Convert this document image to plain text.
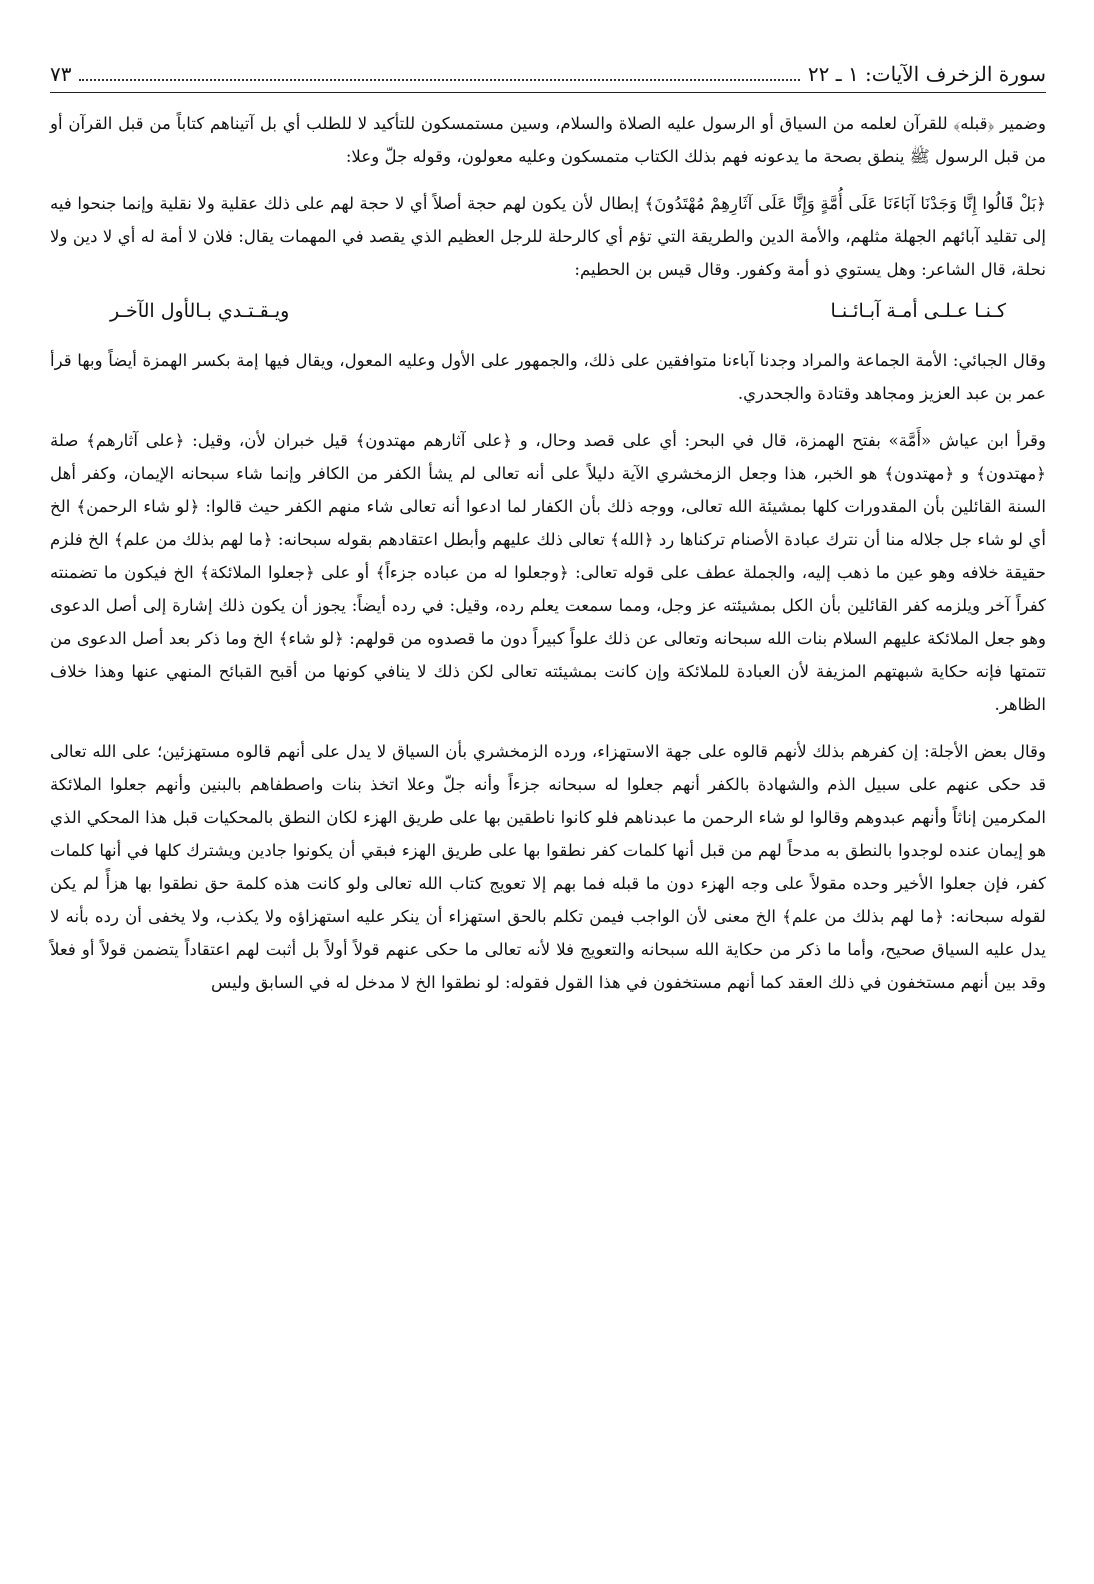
سورة الزخرف الآيات: ١ ـ ٢٢
٧٣

وضمير ﴿قبله﴾ للقرآن لعلمه من السياق أو الرسول عليه الصلاة والسلام، وسين مستمسكون للتأكيد لا للطلب أي بل آتيناهم كتاباً من قبل القرآن أو من قبل الرسول ﷺ ينطق بصحة ما يدعونه فهم بذلك الكتاب متمسكون وعليه معولون، وقوله جلّ وعلا:

﴿بَلْ قَالُوا إِنَّا وَجَدْنَا آبَاءَنَا عَلَى أُمَّةٍ وَإِنَّا عَلَى آثَارِهِمْ مُهْتَدُونَ﴾ إبطال لأن يكون لهم حجة أصلاً أي لا حجة لهم على ذلك عقلية ولا نقلية وإنما جنحوا فيه إلى تقليد آبائهم الجهلة مثلهم، والأمة الدين والطريقة التي تؤم أي كالرحلة للرجل العظيم الذي يقصد في المهمات يقال: فلان لا أمة له أي لا دين ولا نحلة، قال الشاعر: وهل يستوي ذو أمة وكفور. وقال قيس بن الحطيم:

كـنـا عـلـى أمـة آبـائـنـا
ويـقـتـدي بـالأول الآخـر

وقال الجبائي: الأمة الجماعة والمراد وجدنا آباءنا متوافقين على ذلك، والجمهور على الأول وعليه المعول، ويقال فيها إمة بكسر الهمزة أيضاً وبها قرأ عمر بن عبد العزيز ومجاهد وقتادة والجحدري.

وقرأ ابن عياش «أَمَّة» بفتح الهمزة، قال في البحر: أي على قصد وحال، و ﴿على آثارهم مهتدون﴾ قيل خبران لأن، وقيل: ﴿على آثارهم﴾ صلة ﴿مهتدون﴾ و ﴿مهتدون﴾ هو الخبر، هذا وجعل الزمخشري الآية دليلاً على أنه تعالى لم يشأ الكفر من الكافر وإنما شاء سبحانه الإيمان، وكفر أهل السنة القائلين بأن المقدورات كلها بمشيئة الله تعالى، ووجه ذلك بأن الكفار لما ادعوا أنه تعالى شاء منهم الكفر حيث قالوا: ﴿لو شاء الرحمن﴾ الخ أي لو شاء جل جلاله منا أن نترك عبادة الأصنام تركناها رد ﴿الله﴾ تعالى ذلك عليهم وأبطل اعتقادهم بقوله سبحانه: ﴿ما لهم بذلك من علم﴾ الخ فلزم حقيقة خلافه وهو عين ما ذهب إليه، والجملة عطف على قوله تعالى: ﴿وجعلوا له من عباده جزءاً﴾ أو على ﴿جعلوا الملائكة﴾ الخ فيكون ما تضمنته كفراً آخر ويلزمه كفر القائلين بأن الكل بمشيئته عز وجل، ومما سمعت يعلم رده، وقيل: في رده أيضاً: يجوز أن يكون ذلك إشارة إلى أصل الدعوى وهو جعل الملائكة عليهم السلام بنات الله سبحانه وتعالى عن ذلك علواً كبيراً دون ما قصدوه من قولهم: ﴿لو شاء﴾ الخ وما ذكر بعد أصل الدعوى من تتمتها فإنه حكاية شبهتهم المزيفة لأن العبادة للملائكة وإن كانت بمشيئته تعالى لكن ذلك لا ينافي كونها من أقبح القبائح المنهي عنها وهذا خلاف الظاهر.

وقال بعض الأجلة: إن كفرهم بذلك لأنهم قالوه على جهة الاستهزاء، ورده الزمخشري بأن السياق لا يدل على أنهم قالوه مستهزئين؛ على الله تعالى قد حكى عنهم على سبيل الذم والشهادة بالكفر أنهم جعلوا له سبحانه جزءاً وأنه جلّ وعلا اتخذ بنات واصطفاهم بالبنين وأنهم جعلوا الملائكة المكرمين إناثاً وأنهم عبدوهم وقالوا لو شاء الرحمن ما عبدناهم فلو كانوا ناطقين بها على طريق الهزء لكان النطق بالمحكيات قبل هذا المحكي الذي هو إيمان عنده لوجدوا بالنطق به مدحاً لهم من قبل أنها كلمات كفر نطقوا بها على طريق الهزء فبقي أن يكونوا جادين ويشترك كلها في أنها كلمات كفر، فإن جعلوا الأخير وحده مقولاً على وجه الهزء دون ما قبله فما بهم إلا تعويج كتاب الله تعالى ولو كانت هذه كلمة حق نطقوا بها هزأً لم يكن لقوله سبحانه: ﴿ما لهم بذلك من علم﴾ الخ معنى لأن الواجب فيمن تكلم بالحق استهزاء أن ينكر عليه استهزاؤه ولا يكذب، ولا يخفى أن رده بأنه لا يدل عليه السياق صحيح، وأما ما ذكر من حكاية الله سبحانه والتعويج فلا لأنه تعالى ما حكى عنهم قولاً أولاً بل أثبت لهم اعتقاداً يتضمن قولاً أو فعلاً وقد بين أنهم مستخفون في ذلك العقد كما أنهم مستخفون في هذا القول فقوله: لو نطقوا الخ لا مدخل له في السابق وليس
